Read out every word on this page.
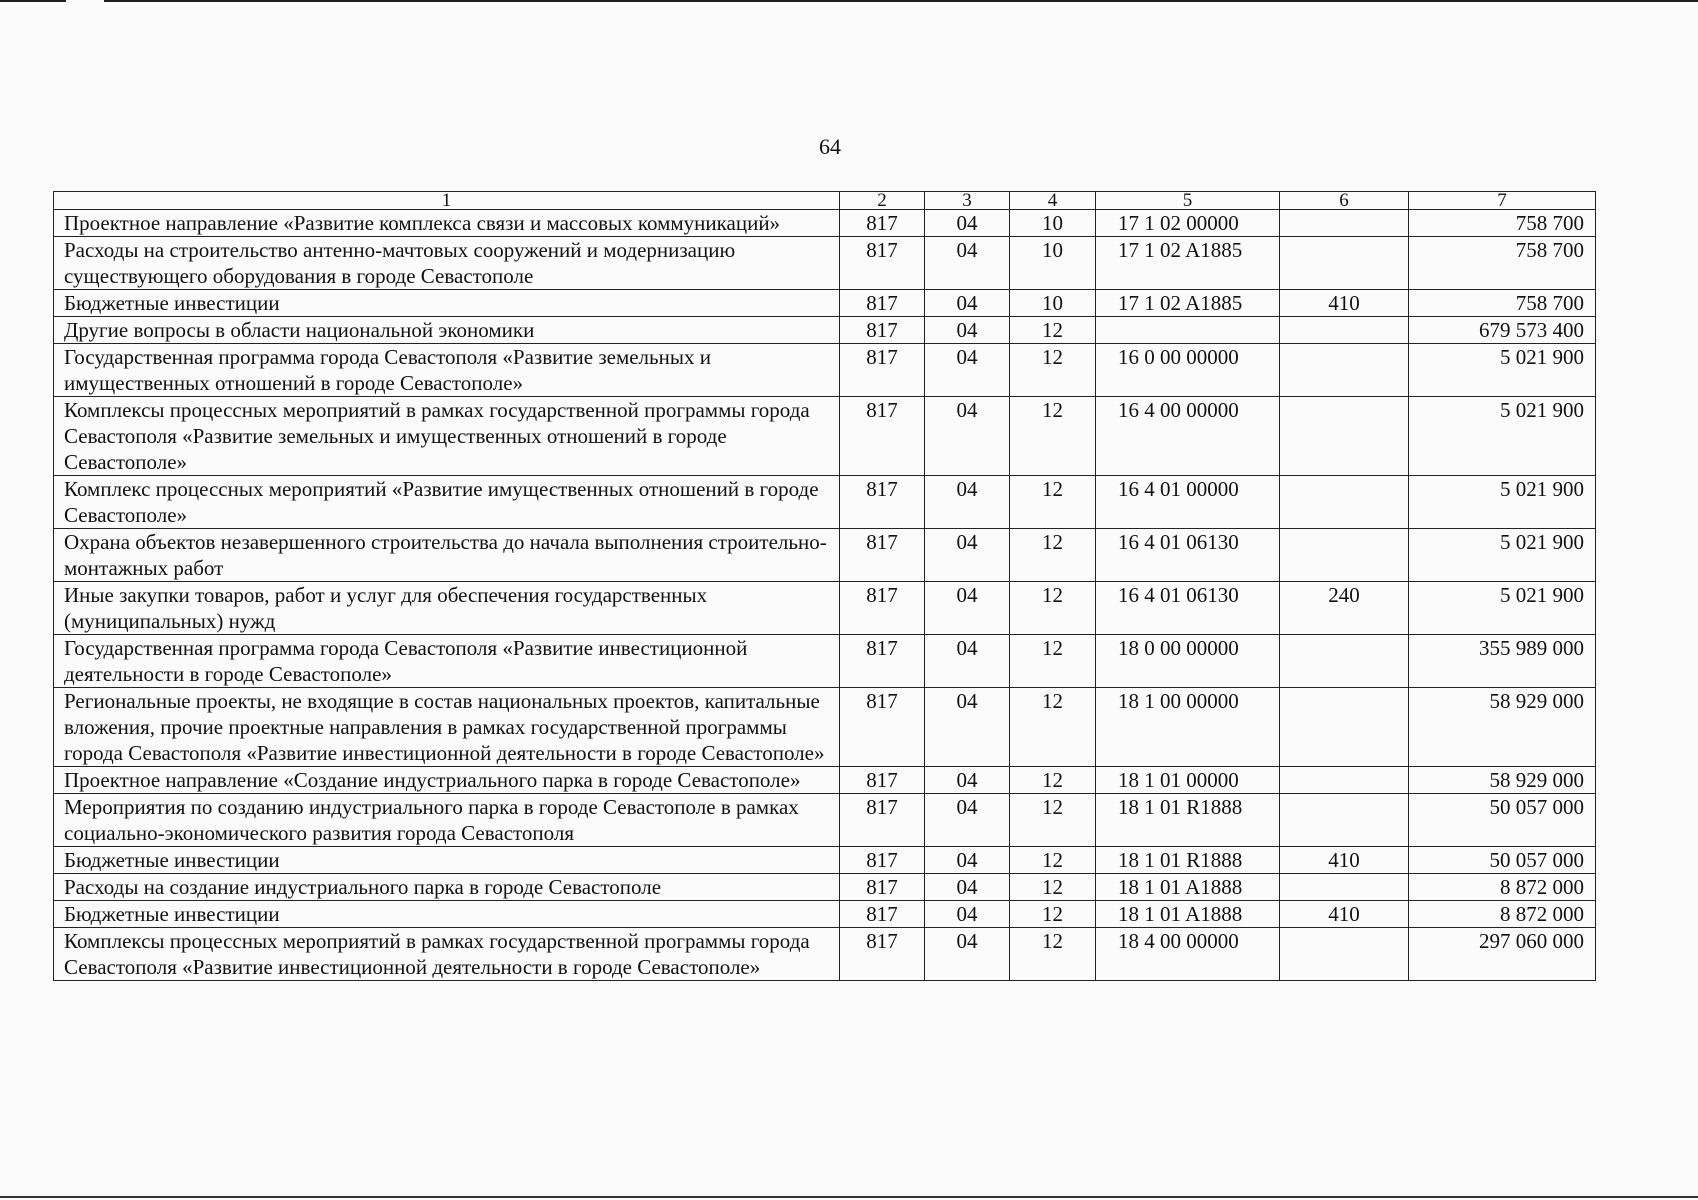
64
1	2	3	4	5	6	7
Проектное направление «Развитие комплекса связи и массовых коммуникаций»	817	04	10	17 1 02 00000		758 700
Расходы на строительство антенно-мачтовых сооружений и модернизацию существующего оборудования в городе Севастополе	817	04	10	17 1 02 A1885		758 700
Бюджетные инвестиции	817	04	10	17 1 02 A1885	410	758 700
Другие вопросы в области национальной экономики	817	04	12			679 573 400
Государственная программа города Севастополя «Развитие земельных и имущественных отношений в городе Севастополе»	817	04	12	16 0 00 00000		5 021 900
Комплексы процессных мероприятий в рамках государственной программы города Севастополя «Развитие земельных и имущественных отношений в городе Севастополе»	817	04	12	16 4 00 00000		5 021 900
Комплекс процессных мероприятий «Развитие имущественных отношений в городе Севастополе»	817	04	12	16 4 01 00000		5 021 900
Охрана объектов незавершенного строительства до начала выполнения строительно-монтажных работ	817	04	12	16 4 01 06130		5 021 900
Иные закупки товаров, работ и услуг для обеспечения государственных (муниципальных) нужд	817	04	12	16 4 01 06130	240	5 021 900
Государственная программа города Севастополя «Развитие инвестиционной деятельности в городе Севастополе»	817	04	12	18 0 00 00000		355 989 000
Региональные проекты, не входящие в состав национальных проектов, капитальные вложения, прочие проектные направления в рамках государственной программы города Севастополя «Развитие инвестиционной деятельности в городе Севастополе»	817	04	12	18 1 00 00000		58 929 000
Проектное направление «Создание индустриального парка в городе Севастополе»	817	04	12	18 1 01 00000		58 929 000
Мероприятия по созданию индустриального парка в городе Севастополе в рамках социально-экономического развития города Севастополя	817	04	12	18 1 01 R1888		50 057 000
Бюджетные инвестиции	817	04	12	18 1 01 R1888	410	50 057 000
Расходы на создание индустриального парка в городе Севастополе	817	04	12	18 1 01 A1888		8 872 000
Бюджетные инвестиции	817	04	12	18 1 01 A1888	410	8 872 000
Комплексы процессных мероприятий в рамках государственной программы города Севастополя «Развитие инвестиционной деятельности в городе Севастополе»	817	04	12	18 4 00 00000		297 060 000
